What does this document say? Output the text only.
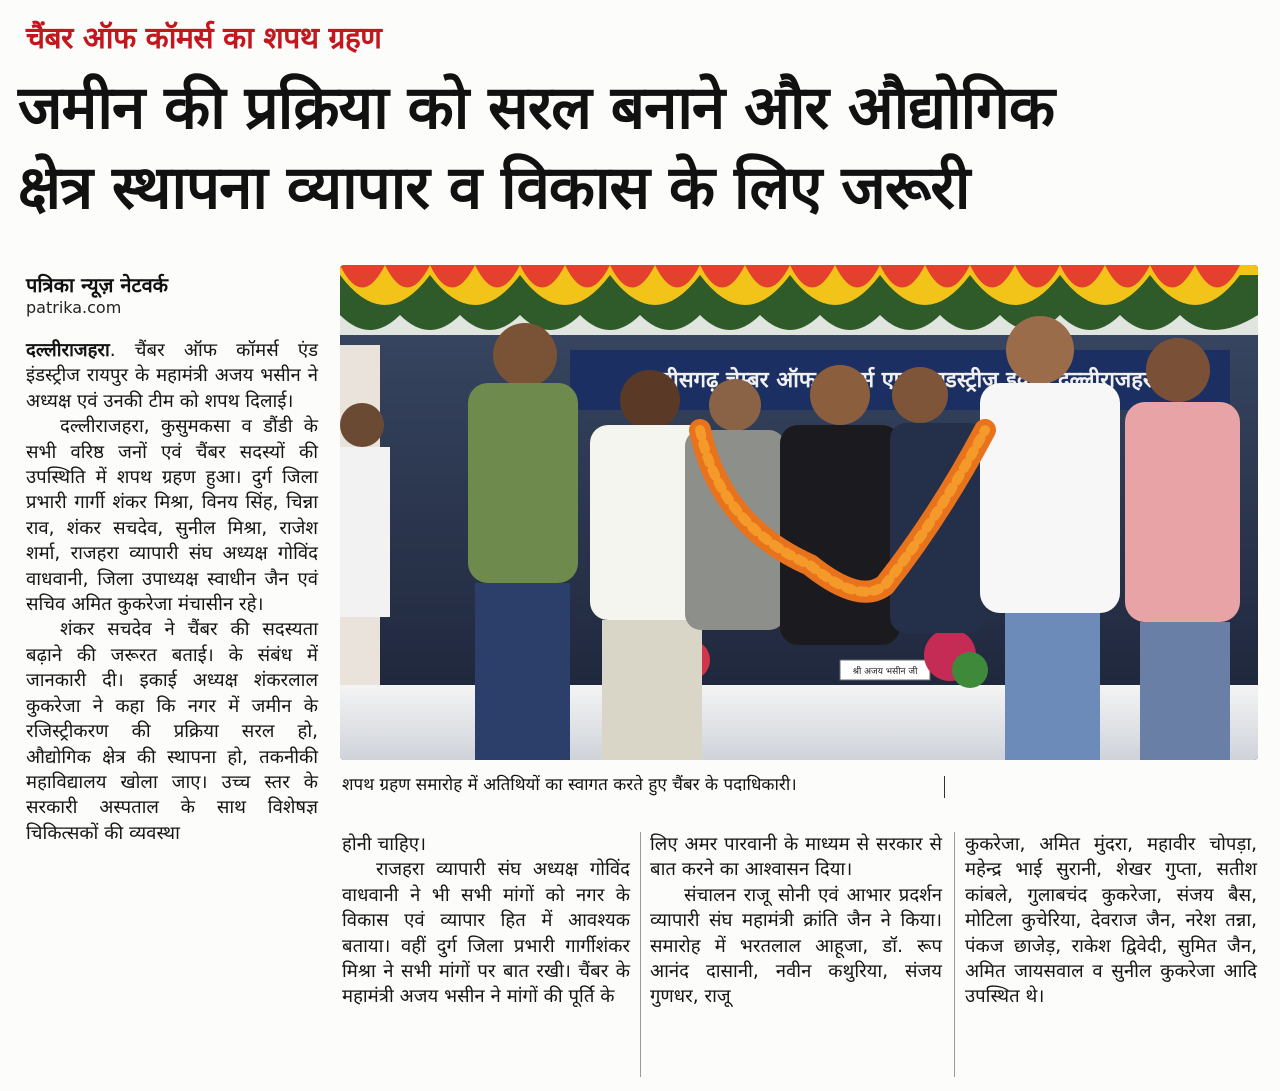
चैंबर ऑफ कॉमर्स का शपथ ग्रहण
जमीन की प्रक्रिया को सरल बनाने और औद्योगिक
क्षेत्र स्थापना व्यापार व विकास के लिए जरूरी
पत्रिका न्यूज़ नेटवर्क
patrika.com

दल्लीराजहरा. चैंबर ऑफ कॉमर्स एंड इंडस्ट्रीज रायपुर के महामंत्री अजय भसीन ने अध्यक्ष एवं उनकी टीम को शपथ दिलाई।

दल्लीराजहरा, कुसुमकसा व डौंडी के सभी वरिष्ठ जनों एवं चैंबर सदस्यों की उपस्थिति में शपथ ग्रहण हुआ। दुर्ग जिला प्रभारी गार्गी शंकर मिश्रा, विनय सिंह, चिन्ना राव, शंकर सचदेव, सुनील मिश्रा, राजेश शर्मा, राजहरा व्यापारी संघ अध्यक्ष गोविंद वाधवानी, जिला उपाध्यक्ष स्वाधीन जैन एवं सचिव अमित कुकरेजा मंचासीन रहे।

शंकर सचदेव ने चैंबर की सदस्यता बढ़ाने की जरूरत बताई। के संबंध में जानकारी दी। इकाई अध्यक्ष शंकरलाल कुकरेजा ने कहा कि नगर में जमीन के रजिस्ट्रीकरण की प्रक्रिया सरल हो, औद्योगिक क्षेत्र की स्थापना हो, तकनीकी महाविद्यालय खोला जाए। उच्च स्तर के सरकारी अस्पताल के साथ विशेषज्ञ चिकित्सकों की व्यवस्था

छत्तीसगढ़ चेम्बर ऑफ इण्डस्ट्रीज दल्लीराजहरा
श्री अजय भसीन जी
शपथ ग्रहण समारोह में अतिथियों का स्वागत करते हुए चैंबर के पदाधिकारी।

होनी चाहिए।

राजहरा व्यापारी संघ अध्यक्ष गोविंद वाधवानी ने भी सभी मांगों को नगर के विकास एवं व्यापार हित में आवश्यक बताया। वहीं दुर्ग जिला प्रभारी गार्गीशंकर मिश्रा ने सभी मांगों पर बात रखी। चैंबर के महामंत्री अजय भसीन ने मांगों की पूर्ति के

लिए अमर पारवानी के माध्यम से सरकार से बात करने का आश्वासन दिया।

संचालन राजू सोनी एवं आभार प्रदर्शन व्यापारी संघ महामंत्री क्रांति जैन ने किया। समारोह में भरतलाल आहूजा, डॉ. रूप आनंद दासानी, नवीन कथुरिया, संजय गुणधर, राजू

कुकरेजा, अमित मुंदरा, महावीर चोपड़ा, महेन्द्र भाई सुरानी, शेखर गुप्ता, सतीश कांबले, गुलाबचंद कुकरेजा, संजय बैस, मोटिला कुचेरिया, देवराज जैन, नरेश तन्ना, पंकज छाजेड़, राकेश द्विवेदी, सुमित जैन, अमित जायसवाल व सुनील कुकरेजा आदि उपस्थित थे।
